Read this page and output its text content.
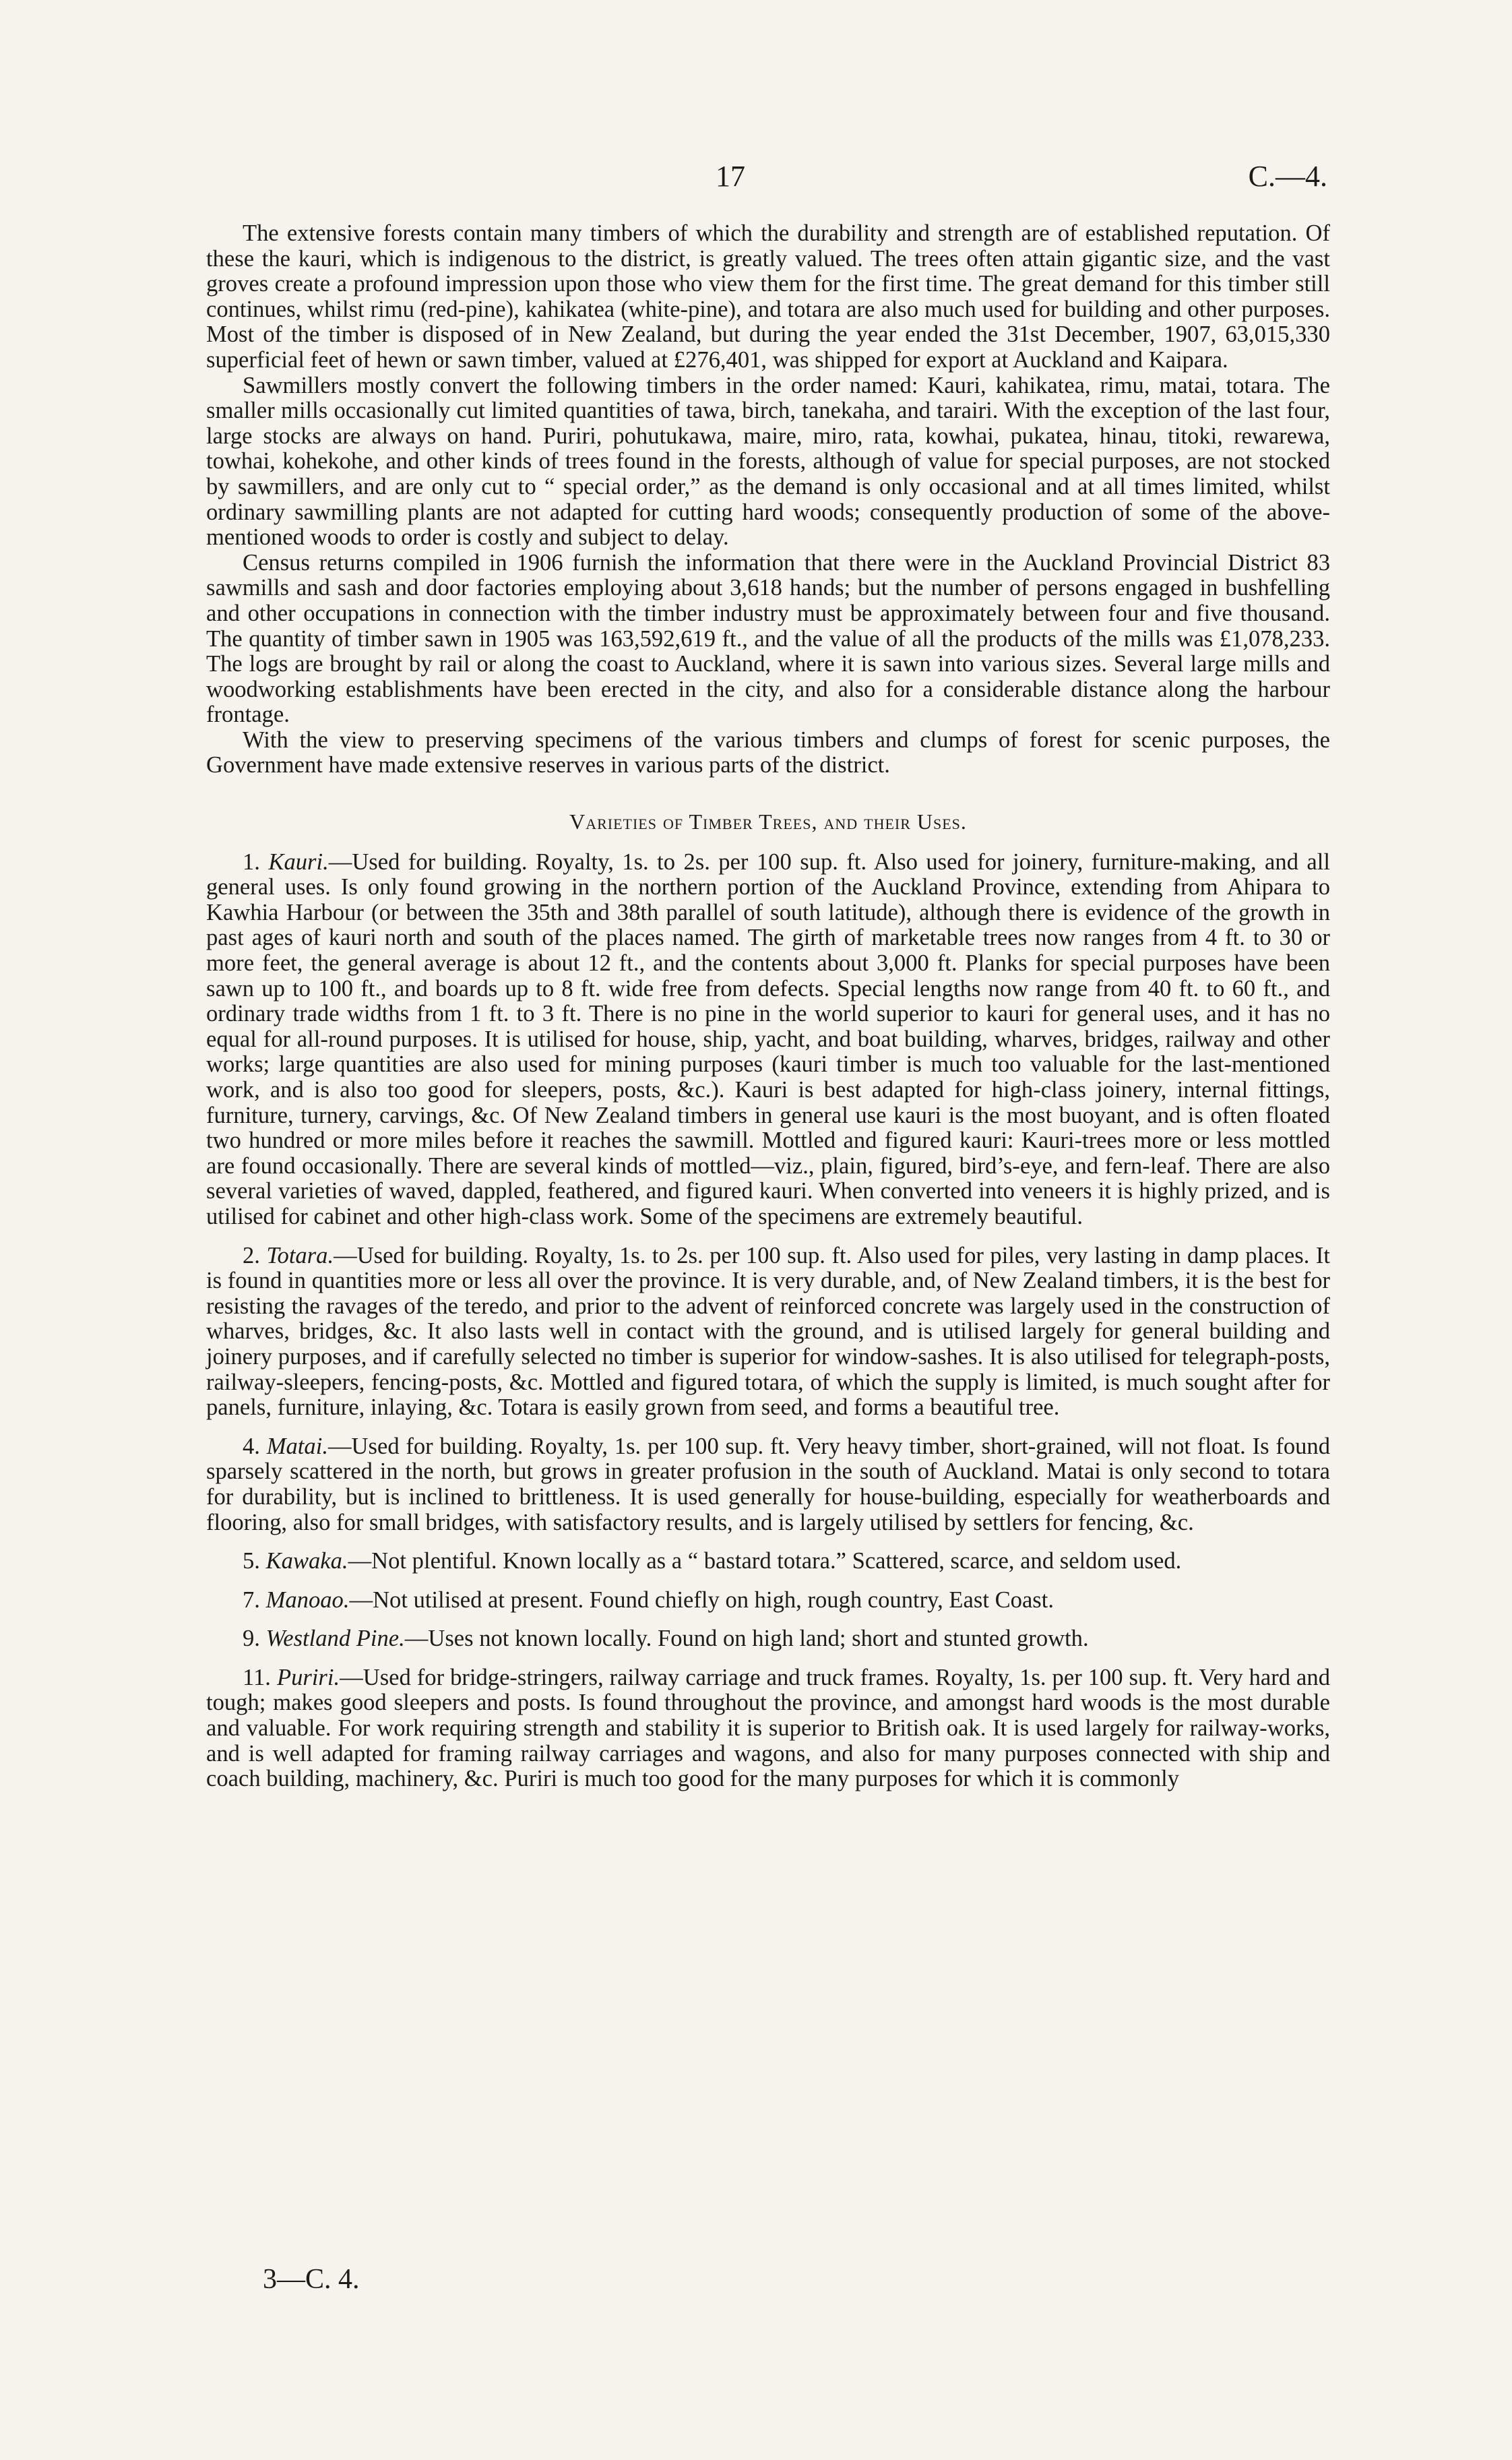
17	C.—4.

The extensive forests contain many timbers of which the durability and strength are of established reputation. Of these the kauri, which is indigenous to the district, is greatly valued. The trees often attain gigantic size, and the vast groves create a profound impression upon those who view them for the first time. The great demand for this timber still continues, whilst rimu (red-pine), kahikatea (white-pine), and totara are also much used for building and other purposes. Most of the timber is disposed of in New Zealand, but during the year ended the 31st December, 1907, 63,015,330 superficial feet of hewn or sawn timber, valued at £276,401, was shipped for export at Auckland and Kaipara.

Sawmillers mostly convert the following timbers in the order named: Kauri, kahikatea, rimu, matai, totara. The smaller mills occasionally cut limited quantities of tawa, birch, tanekaha, and tarairi. With the exception of the last four, large stocks are always on hand. Puriri, pohutukawa, maire, miro, rata, kowhai, pukatea, hinau, titoki, rewarewa, towhai, kohekohe, and other kinds of trees found in the forests, although of value for special purposes, are not stocked by sawmillers, and are only cut to “ special order,” as the demand is only occasional and at all times limited, whilst ordinary sawmilling plants are not adapted for cutting hard woods; consequently production of some of the above-mentioned woods to order is costly and subject to delay.

Census returns compiled in 1906 furnish the information that there were in the Auckland Provincial District 83 sawmills and sash and door factories employing about 3,618 hands; but the number of persons engaged in bushfelling and other occupations in connection with the timber industry must be approximately between four and five thousand. The quantity of timber sawn in 1905 was 163,592,619 ft., and the value of all the products of the mills was £1,078,233. The logs are brought by rail or along the coast to Auckland, where it is sawn into various sizes. Several large mills and woodworking establishments have been erected in the city, and also for a considerable distance along the harbour frontage.

With the view to preserving specimens of the various timbers and clumps of forest for scenic purposes, the Government have made extensive reserves in various parts of the district.

Varieties of Timber Trees, and their Uses.

1. Kauri.—Used for building. Royalty, 1s. to 2s. per 100 sup. ft. Also used for joinery, furniture-making, and all general uses. Is only found growing in the northern portion of the Auckland Province, extending from Ahipara to Kawhia Harbour (or between the 35th and 38th parallel of south latitude), although there is evidence of the growth in past ages of kauri north and south of the places named. The girth of marketable trees now ranges from 4 ft. to 30 or more feet, the general average is about 12 ft., and the contents about 3,000 ft. Planks for special purposes have been sawn up to 100 ft., and boards up to 8 ft. wide free from defects. Special lengths now range from 40 ft. to 60 ft., and ordinary trade widths from 1 ft. to 3 ft. There is no pine in the world superior to kauri for general uses, and it has no equal for all-round purposes. It is utilised for house, ship, yacht, and boat building, wharves, bridges, railway and other works; large quantities are also used for mining purposes (kauri timber is much too valuable for the last-mentioned work, and is also too good for sleepers, posts, &c.). Kauri is best adapted for high-class joinery, internal fittings, furniture, turnery, carvings, &c. Of New Zealand timbers in general use kauri is the most buoyant, and is often floated two hundred or more miles before it reaches the sawmill. Mottled and figured kauri: Kauri-trees more or less mottled are found occasionally. There are several kinds of mottled—viz., plain, figured, bird’s-eye, and fern-leaf. There are also several varieties of waved, dappled, feathered, and figured kauri. When converted into veneers it is highly prized, and is utilised for cabinet and other high-class work. Some of the specimens are extremely beautiful.

2. Totara.—Used for building. Royalty, 1s. to 2s. per 100 sup. ft. Also used for piles, very lasting in damp places. It is found in quantities more or less all over the province. It is very durable, and, of New Zealand timbers, it is the best for resisting the ravages of the teredo, and prior to the advent of reinforced concrete was largely used in the construction of wharves, bridges, &c. It also lasts well in contact with the ground, and is utilised largely for general building and joinery purposes, and if carefully selected no timber is superior for window-sashes. It is also utilised for telegraph-posts, railway-sleepers, fencing-posts, &c. Mottled and figured totara, of which the supply is limited, is much sought after for panels, furniture, inlaying, &c. Totara is easily grown from seed, and forms a beautiful tree.

4. Matai.—Used for building. Royalty, 1s. per 100 sup. ft. Very heavy timber, short-grained, will not float. Is found sparsely scattered in the north, but grows in greater profusion in the south of Auckland. Matai is only second to totara for durability, but is inclined to brittleness. It is used generally for house-building, especially for weatherboards and flooring, also for small bridges, with satisfactory results, and is largely utilised by settlers for fencing, &c.

5. Kawaka.—Not plentiful. Known locally as a “ bastard totara.” Scattered, scarce, and seldom used.

7. Manoao.—Not utilised at present. Found chiefly on high, rough country, East Coast.

9. Westland Pine.—Uses not known locally. Found on high land; short and stunted growth.

11. Puriri.—Used for bridge-stringers, railway carriage and truck frames. Royalty, 1s. per 100 sup. ft. Very hard and tough; makes good sleepers and posts. Is found throughout the province, and amongst hard woods is the most durable and valuable. For work requiring strength and stability it is superior to British oak. It is used largely for railway-works, and is well adapted for framing railway carriages and wagons, and also for many purposes connected with ship and coach building, machinery, &c. Puriri is much too good for the many purposes for which it is commonly

3—C. 4.
